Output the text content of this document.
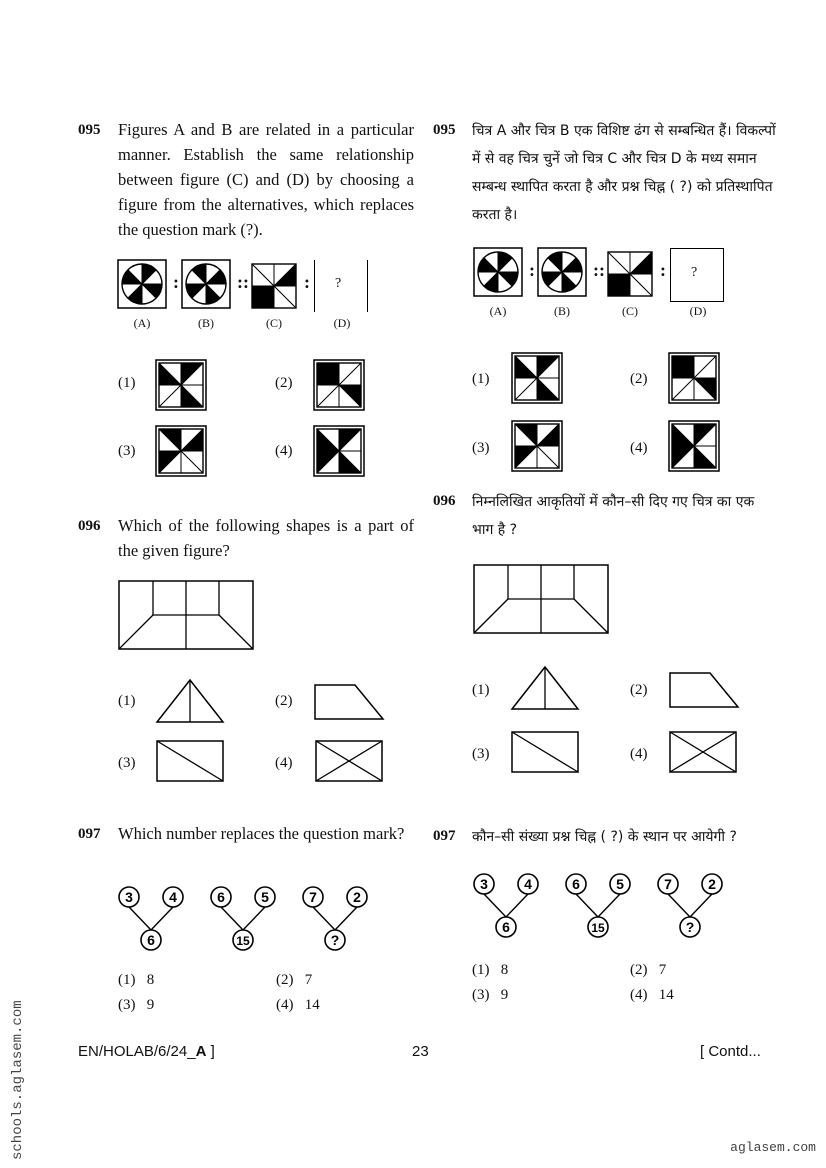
095 Figures A and B are related in a particular manner. Establish the same relationship between figure (C) and (D) by choosing a figure from the alternatives, which replaces the question mark (?).
:	::	: ?
(A)	(B)	(C)	(D)
(1)	(2)
(3)	(4)
096 Which of the following shapes is a part of the given figure?
(1)	(2)
(3)	(4)
097 Which number replaces the question mark?
3	4
6
6	5
15
7	2
?
(1) 8	(2) 7
(3) 9	(4) 14
095 चित्र A और चित्र B एक विशिष्ट ढंग से सम्बन्धित हैं। विकल्पों में से वह चित्र चुनें जो चित्र C और चित्र D के मध्य समान सम्बन्ध स्थापित करता है और प्रश्न चिह्न ( ?) को प्रतिस्थापित करता है।
:	::	: ?
(A)	(B)	(C)	(D)
(1)	(2)
(3)	(4)
096 निम्नलिखित आकृतियों में कौन–सी दिए गए चित्र का एक भाग है ?
(1)	(2)
(3)	(4)
097 कौन–सी संख्या प्रश्न चिह्न ( ?) के स्थान पर आयेगी ?
3	4
6
6	5
15
7	2
?
(1) 8	(2) 7
(3) 9	(4) 14
EN/HOLAB/6/24_A ]	23	[ Contd...
schools.aglasem.com	aglasem.com
